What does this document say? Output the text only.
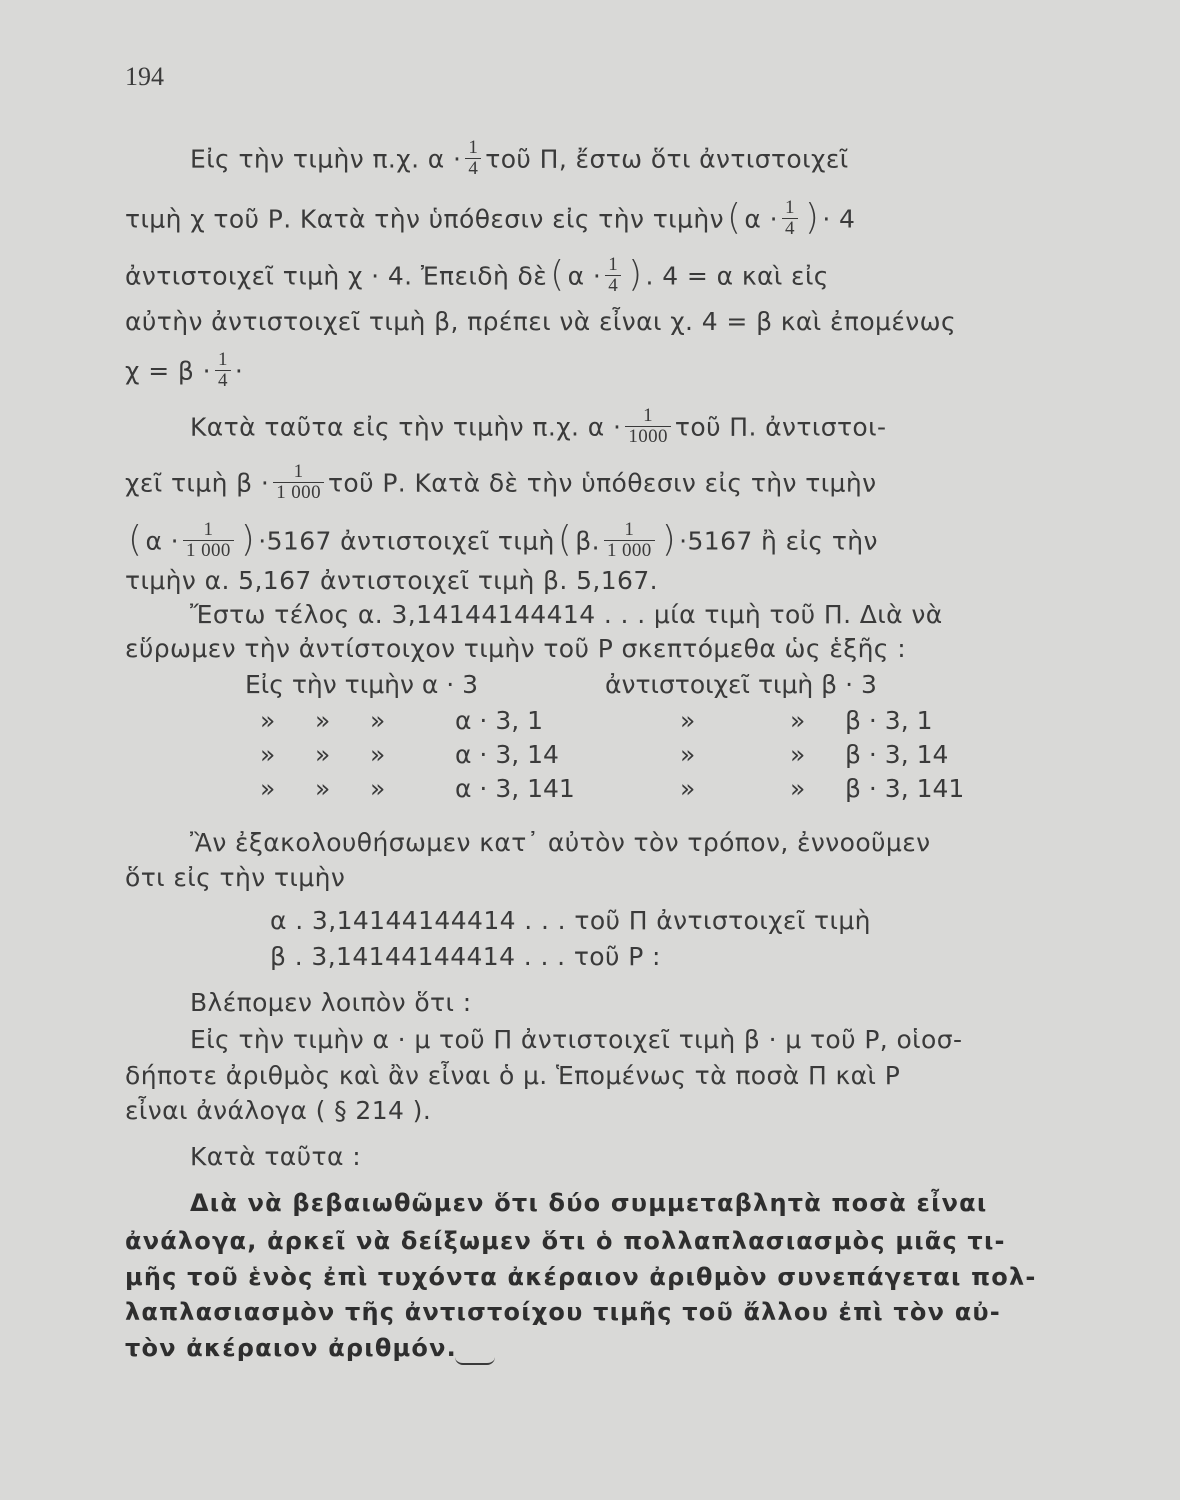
194
Εἰς τὴν τιμὴν π.χ. $\alpha \cdot \frac{1}{4}$ τοῦ Π, ἔστω ὅτι ἀντιστοιχεῖ
τιμὴ χ τοῦ Ρ. Κατὰ τὴν ὑπόθεσιν εἰς τὴν τιμὴν( $\alpha \cdot \frac{1}{4}$ ) · 4
ἀντιστοιχεῖ τιμὴ χ · 4. Ἐπειδὴ δὲ( $\alpha \cdot \frac{1}{4}$ ) . 4 = α καὶ εἰς
αὐτὴν ἀντιστοιχεῖ τιμὴ β, πρέπει νὰ εἶναι χ. 4 = β καὶ ἐπομένως
$\chi = \beta \cdot \frac{1}{4}$ ·
Κατὰ ταῦτα εἰς τὴν τιμὴν π.χ. $\alpha \cdot \frac{1}{1000}$ τοῦ Π. ἀντιστοι-
χεῖ τιμὴ $\beta \cdot \frac{1}{1 000}$ τοῦ Ρ. Κατὰ δὲ τὴν ὑπόθεσιν εἰς τὴν τιμὴν
( $\alpha \cdot \frac{1}{1 000}$ ) ·5167 ἀντιστοιχεῖ τιμὴ( β. $\frac{1}{1 000}$ ) ·5167 ἢ εἰς τὴν
τιμὴν α. 5,167 ἀντιστοιχεῖ τιμὴ β. 5,167.
Ἔστω τέλος α. 3,14144144414 . . . μία τιμὴ τοῦ Π. Διὰ νὰ
εὕρωμεν τὴν ἀντίστοιχον τιμὴν τοῦ Ρ σκεπτόμεθα ὡς ἑξῆς :
Εἰς τὴν τιμὴν α · 3	ἀντιστοιχεῖ τιμὴ β · 3
» » »	α · 3, 1	»	» β · 3, 1
» » »	α · 3, 14	»	» β · 3, 14
» » »	α · 3, 141	»	» β · 3, 141
Ἂν ἐξακολουθήσωμεν κατ᾽ αὐτὸν τὸν τρόπον, ἐννοοῦμεν
ὅτι εἰς τὴν τιμὴν
α . 3,14144144414 . . . τοῦ Π ἀντιστοιχεῖ τιμὴ
β . 3,14144144414 . . . τοῦ Ρ :
Βλέπομεν λοιπὸν ὅτι :
Εἰς τὴν τιμὴν α · μ τοῦ Π ἀντιστοιχεῖ τιμὴ β · μ τοῦ Ρ, οἱοσ-
δήποτε ἀριθμὸς καὶ ἂν εἶναι ὁ μ. Ἑπομένως τὰ ποσὰ Π καὶ Ρ
εἶναι ἀνάλογα ( § 214 ).
Κατὰ ταῦτα :
Διὰ νὰ βεβαιωθῶμεν ὅτι δύο συμμεταβλητὰ ποσὰ εἶναι
ἀνάλογα, ἀρκεῖ νὰ δείξωμεν ὅτι ὁ πολλαπλασιασμὸς μιᾶς τι-
μῆς τοῦ ἑνὸς ἐπὶ τυχόντα ἀκέραιον ἀριθμὸν συνεπάγεται πολ-
λαπλασιασμὸν τῆς ἀντιστοίχου τιμῆς τοῦ ἄλλου ἐπὶ τὸν αὐ-
τὸν ἀκέραιον ἀριθμόν.
